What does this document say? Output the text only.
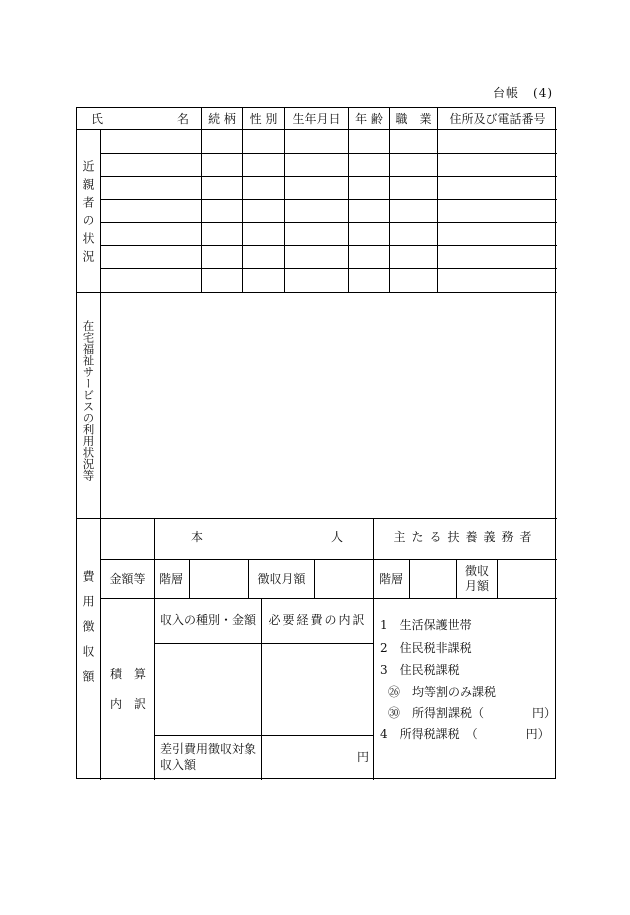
台帳 (4)
氏	名	続 柄	性 別	生年月日	年 齢	職　業	住所及び電話番号
近親者の状況
在宅福祉サービスの利用状況等
費用徴収額
本　　　　　　　　　人	主たる扶養義務者
金額等	階層	徴収月額	階層
徴収
月額
積　算
内　訳
収入の種別・金額	必要経費の内訳
差引費用徴収対象
収入額
円
1　生活保護世帯
2　住民税非課税
3　住民税課税
㉖　均等割のみ課税
㉚　所得割課税（　　　　円）
4　所得税課税　（　　　　円）
